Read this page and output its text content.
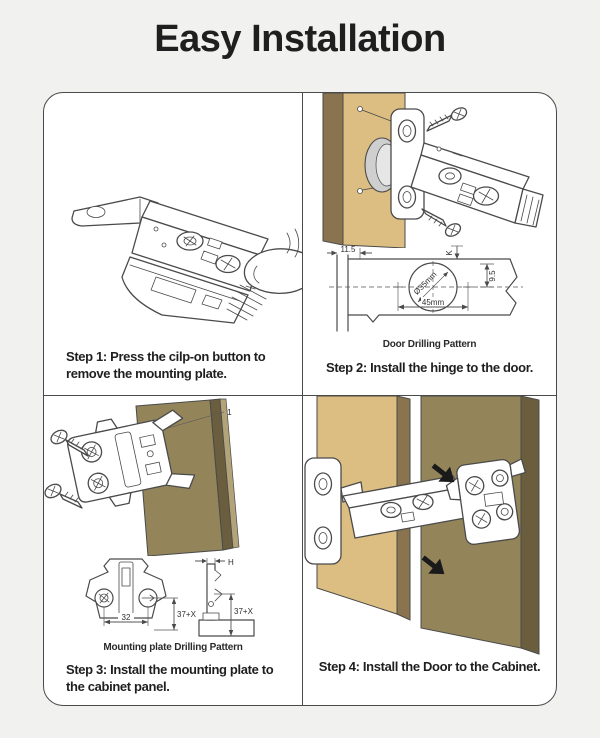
Easy Installation
Step 1: Press the cilp-on button to
remove the mounting plate.
Ø35mm
45mm
11.5	K
9.5
Door Drilling Pattern
Step 2: Install the hinge to the door.
1
32	37+X
H
37+X
Mounting plate Drilling Pattern
Step 3: Install the mounting plate to
the cabinet panel.
Step 4: Install the Door to the Cabinet.
